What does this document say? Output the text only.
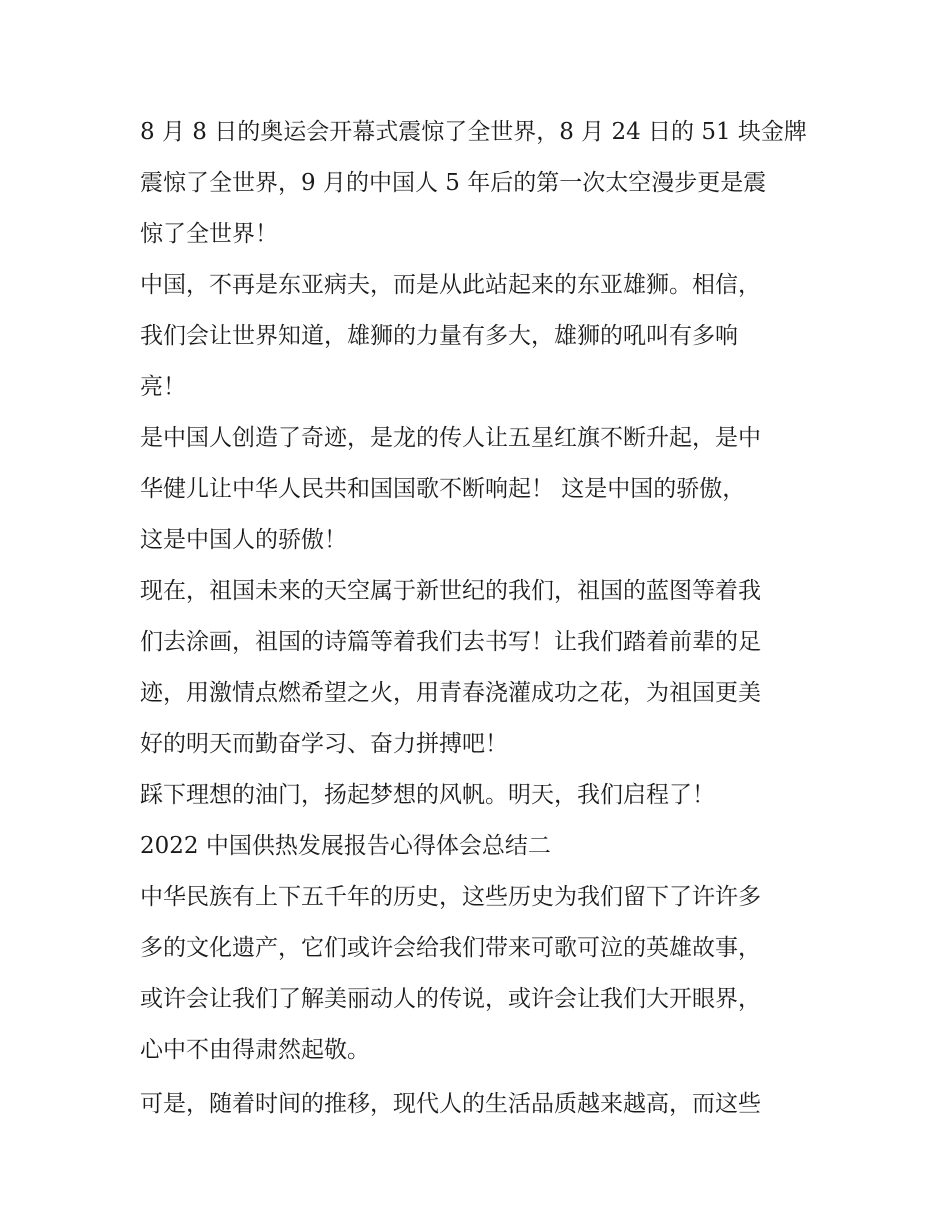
8 月 8 日的奥运会开幕式震惊了全世界，8 月 24 日的 51 块金牌
震惊了全世界，9 月的中国人 5 年后的第一次太空漫步更是震
惊了全世界！
中国，不再是东亚病夫，而是从此站起来的东亚雄狮。相信，
我们会让世界知道，雄狮的力量有多大，雄狮的吼叫有多响
亮！
是中国人创造了奇迹，是龙的传人让五星红旗不断升起，是中
华健儿让中华人民共和国国歌不断响起！ 这是中国的骄傲，
这是中国人的骄傲！
现在，祖国未来的天空属于新世纪的我们，祖国的蓝图等着我
们去涂画，祖国的诗篇等着我们去书写！让我们踏着前辈的足
迹，用激情点燃希望之火，用青春浇灌成功之花，为祖国更美
好的明天而勤奋学习、奋力拼搏吧！
踩下理想的油门，扬起梦想的风帆。明天，我们启程了！
2022 中国供热发展报告心得体会总结二
中华民族有上下五千年的历史，这些历史为我们留下了许许多
多的文化遗产，它们或许会给我们带来可歌可泣的英雄故事，
或许会让我们了解美丽动人的传说，或许会让我们大开眼界，
心中不由得肃然起敬。
可是，随着时间的推移，现代人的生活品质越来越高，而这些
